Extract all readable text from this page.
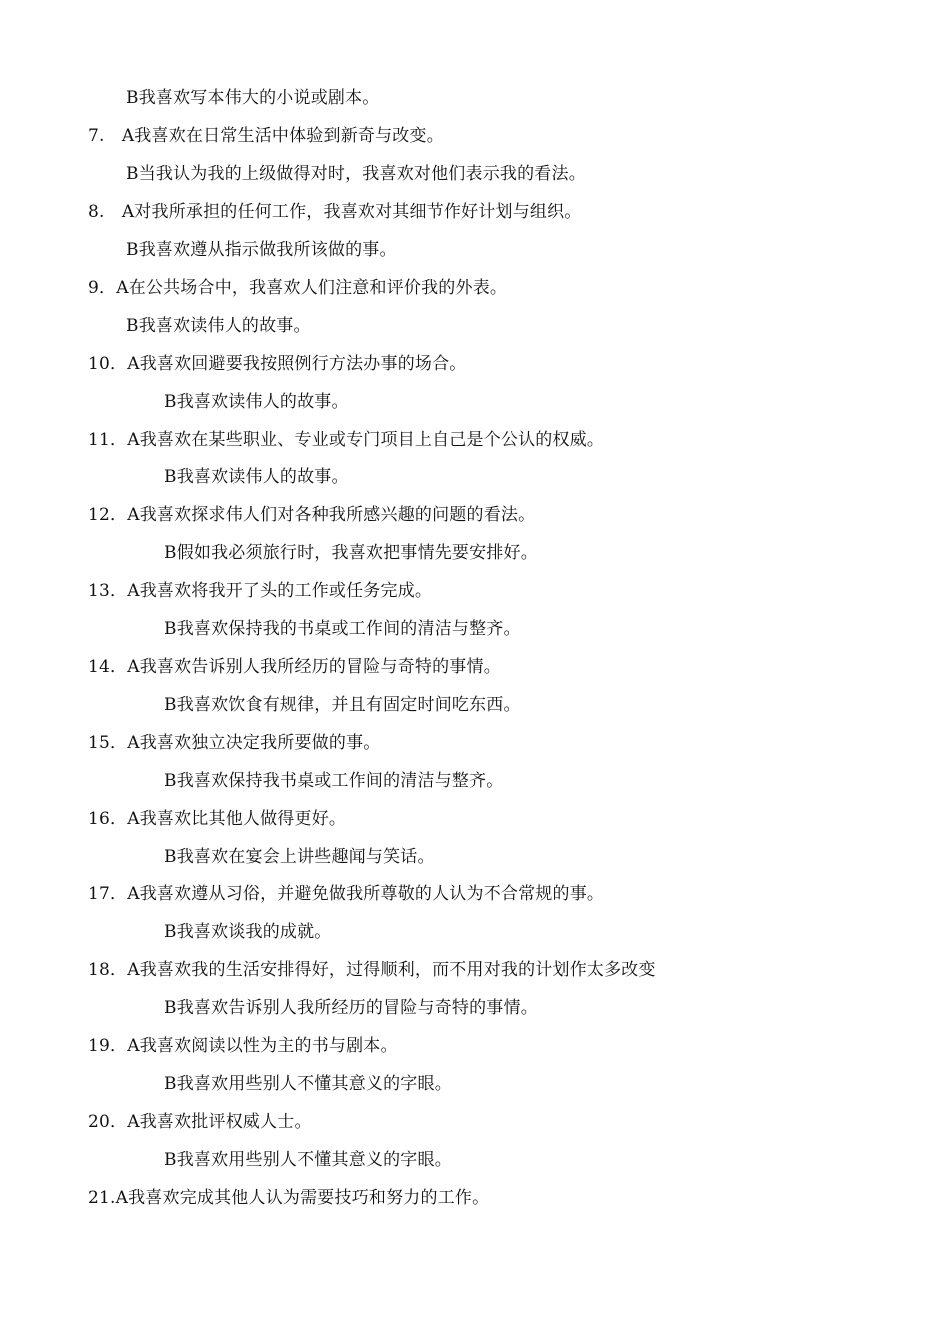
B我喜欢写本伟大的小说或剧本。
7.　A我喜欢在日常生活中体验到新奇与改变。
B当我认为我的上级做得对时，我喜欢对他们表示我的看法。
8.　A对我所承担的任何工作，我喜欢对其细节作好计划与组织。
B我喜欢遵从指示做我所该做的事。
9．A在公共场合中，我喜欢人们注意和评价我的外表。
B我喜欢读伟人的故事。
10．A我喜欢回避要我按照例行方法办事的场合。
B我喜欢读伟人的故事。
11．A我喜欢在某些职业、专业或专门项目上自己是个公认的权威。
B我喜欢读伟人的故事。
12．A我喜欢探求伟人们对各种我所感兴趣的问题的看法。
B假如我必须旅行时，我喜欢把事情先要安排好。
13．A我喜欢将我开了头的工作或任务完成。
B我喜欢保持我的书桌或工作间的清洁与整齐。
14．A我喜欢告诉别人我所经历的冒险与奇特的事情。
B我喜欢饮食有规律，并且有固定时间吃东西。
15．A我喜欢独立决定我所要做的事。
B我喜欢保持我书桌或工作间的清洁与整齐。
16．A我喜欢比其他人做得更好。
B我喜欢在宴会上讲些趣闻与笑话。
17．A我喜欢遵从习俗，并避免做我所尊敬的人认为不合常规的事。
B我喜欢谈我的成就。
18．A我喜欢我的生活安排得好，过得顺利，而不用对我的计划作太多改变
B我喜欢告诉别人我所经历的冒险与奇特的事情。
19．A我喜欢阅读以性为主的书与剧本。
B我喜欢用些别人不懂其意义的字眼。
20．A我喜欢批评权威人士。
B我喜欢用些别人不懂其意义的字眼。
21.A我喜欢完成其他人认为需要技巧和努力的工作。
